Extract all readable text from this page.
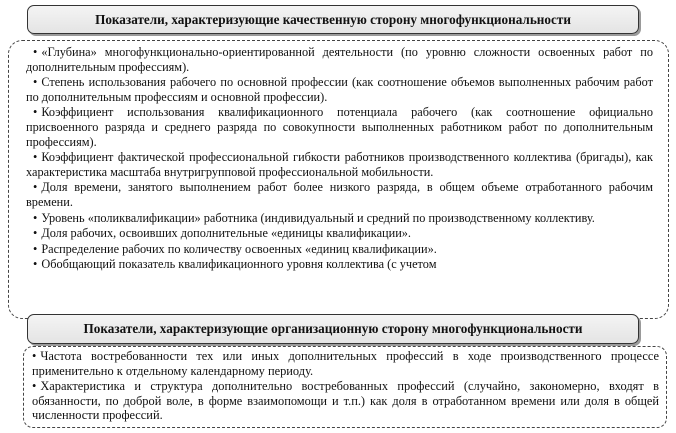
Показатели, характеризующие качественную сторону многофункциональности
• «Глубина» многофункционально-ориентированной деятельности (по уровню сложности освоенных работ по дополнительным профессиям).
• Степень использования рабочего по основной профессии (как соотношение объемов выполненных рабочим работ по дополнительным профессиям и основной профессии).
• Коэффициент использования квалификационного потенциала рабочего (как соотношение официально присвоенного разряда и среднего разряда по совокупности выполненных работником работ по дополнительным профессиям).
• Коэффициент фактической профессиональной гибкости работников производственного коллектива (бригады), как характеристика масштаба внутригрупповой профессиональной мобильности.
• Доля времени, занятого выполнением работ более низкого разряда, в общем объеме отработанного рабочим времени.
• Уровень «поликвалификации» работника (индивидуальный и средний по производственному коллективу.
• Доля рабочих, освоивших дополнительные «единицы квалификации».
• Распределение рабочих по количеству освоенных «единиц квалификации».
• Обобщающий показатель квалификационного уровня коллектива (с учетом
Показатели, характеризующие организационную сторону многофункциональности
• Частота востребованности тех или иных дополнительных профессий в ходе производственного процессе применительно к отдельному календарному периоду.
• Характеристика и структура дополнительно востребованных профессий (случайно, закономерно, входят в обязанности, по доброй воле, в форме взаимопомощи и т.п.) как доля в отработанном времени или доля в общей численности профессий.
